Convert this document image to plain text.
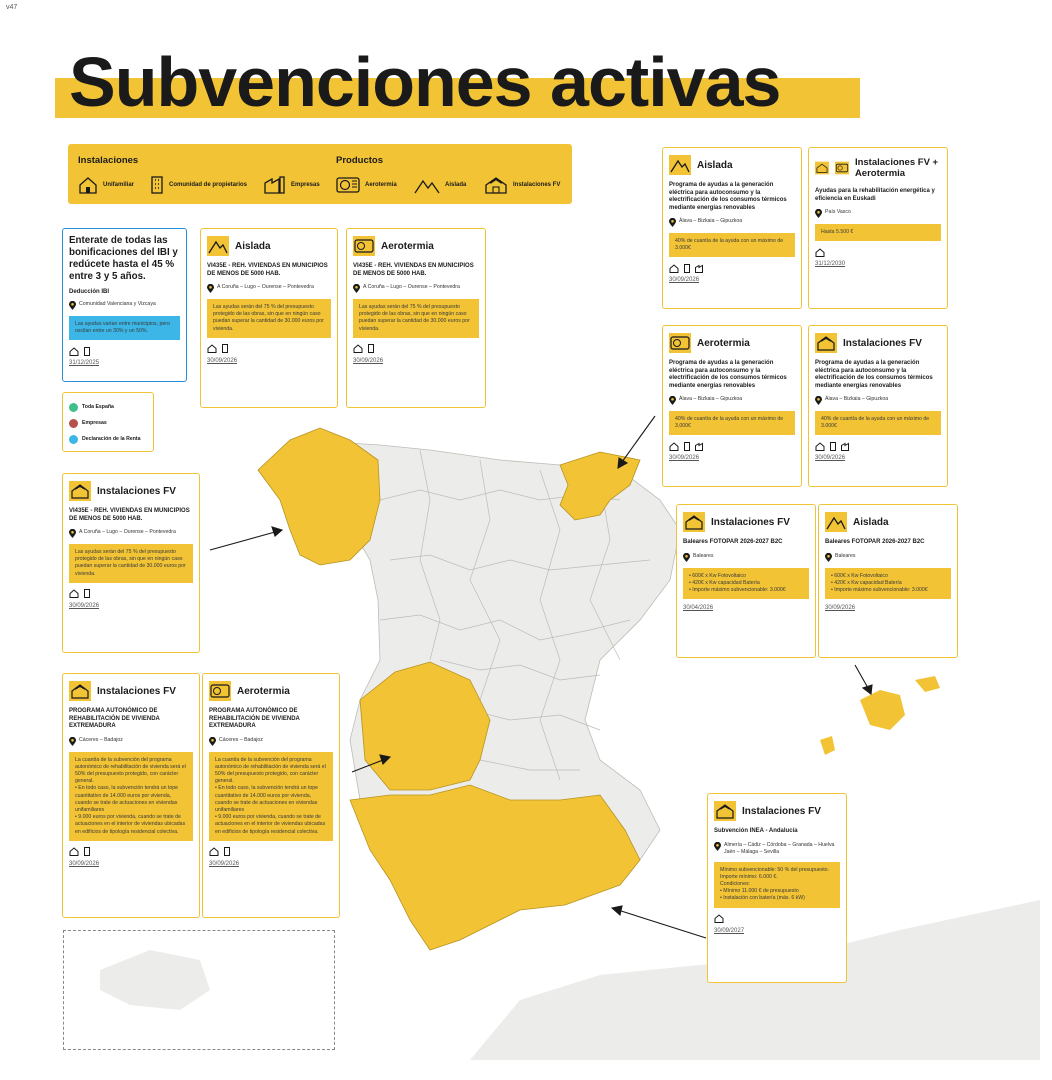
v47
Subvenciones activas
Instalaciones	Productos
Unifamiliar	Comunidad de propietarios	Empresas	Aerotermia	Aislada	Instalaciones FV
Enterate de todas las bonificaciones del IBI y redúcete hasta el 45 % entre 3 y 5 años.
Deducción IBI
Comunidad Valenciana y Vizcaya
Las ayudas varían entre municipios, pero oscilan entre un 30% y un 50%.
31/12/2025
Toda España
Empresas
Declaración de la Renta
Aislada
VI435E - REH. VIVIENDAS EN MUNICIPIOS DE MENOS DE 5000 HAB.
A Coruña – Lugo – Ourense – Pontevedra
Las ayudas serán del 75 % del presupuesto protegido de las obras, sin que en ningún caso puedan superar la cantidad de 30.000 euros por vivienda.
30/09/2026
Aerotermia
VI435E - REH. VIVIENDAS EN MUNICIPIOS DE MENOS DE 5000 HAB.
A Coruña – Lugo – Ourense – Pontevedra
Las ayudas serán del 75 % del presupuesto protegido de las obras, sin que en ningún caso puedan superar la cantidad de 30.000 euros por vivienda.
30/09/2026
Instalaciones FV
VI435E - REH. VIVIENDAS EN MUNICIPIOS DE MENOS DE 5000 HAB.
A Coruña – Lugo – Ourense – Pontevedra
Las ayudas serán del 75 % del presupuesto protegido de las obras, sin que en ningún caso puedan superar la cantidad de 30.000 euros por vivienda.
30/09/2026
Aislada
Programa de ayudas a la generación eléctrica para autoconsumo y la electrificación de los consumos térmicos mediante energías renovables
Álava – Bizkaia – Gipuzkoa
40% de cuantía de la ayuda con un máximo de 3.000€
30/09/2026
Instalaciones FV + Aerotermia
Ayudas para la rehabilitación energética y eficiencia en Euskadi
País Vasco
Hasta 5.500 €
31/12/2030
Aerotermia
Programa de ayudas a la generación eléctrica para autoconsumo y la electrificación de los consumos térmicos mediante energías renovables
Álava – Bizkaia – Gipuzkoa
40% de cuantía de la ayuda con un máximo de 3.000€
30/09/2026
Instalaciones FV
Programa de ayudas a la generación eléctrica para autoconsumo y la electrificación de los consumos térmicos mediante energías renovables
Álava – Bizkaia – Gipuzkoa
40% de cuantía de la ayuda con un máximo de 3.000€
30/09/2026
Instalaciones FV
Baleares FOTOPAR 2026-2027 B2C
Baleares
• 600€ x Kw Fotovoltaico
• 420€ x Kw capacidad Batería
• Importe máximo subvencionable: 3.000€
30/04/2026
Aislada
Baleares FOTOPAR 2026-2027 B2C
Baleares
• 600€ x Kw Fotovoltaico
• 420€ x Kw capacidad Batería
• Importe máximo subvencionable: 3.000€
30/09/2026
Instalaciones FV
PROGRAMA AUTONÓMICO DE REHABILITACIÓN DE VIVIENDA EXTREMADURA
Cáceres – Badajoz
La cuantía de la subvención del programa autonómico de rehabilitación de vivienda será el 50% del presupuesto protegido, con carácter general.
• En todo caso, la subvención tendrá un tope cuantitativo de 14.000 euros por vivienda, cuando se trate de actuaciones en viviendas unifamiliares
• 9.000 euros por vivienda, cuando se trate de actuaciones en el interior de viviendas ubicadas en edificios de tipología residencial colectiva.
30/09/2026
Aerotermia
PROGRAMA AUTONÓMICO DE REHABILITACIÓN DE VIVIENDA EXTREMADURA
Cáceres – Badajoz
La cuantía de la subvención del programa autonómico de rehabilitación de vivienda será el 50% del presupuesto protegido, con carácter general.
• En todo caso, la subvención tendrá un tope cuantitativo de 14.000 euros por vivienda, cuando se trate de actuaciones en viviendas unifamiliares
• 9.000 euros por vivienda, cuando se trate de actuaciones en el interior de viviendas ubicadas en edificios de tipología residencial colectiva.
30/09/2026
Instalaciones FV
Subvención INEA - Andalucía
Almería – Cádiz – Córdoba – Granada – Huelva Jaén – Málaga – Sevilla
Mínimo subvencionable: 50 % del presupuesto.
Importe mínimo: 6.000 €.
Condiciones:
• Mínimo 11.000 € de presupuesto
• Instalación con batería (máx. 6 kW)
30/09/2027
